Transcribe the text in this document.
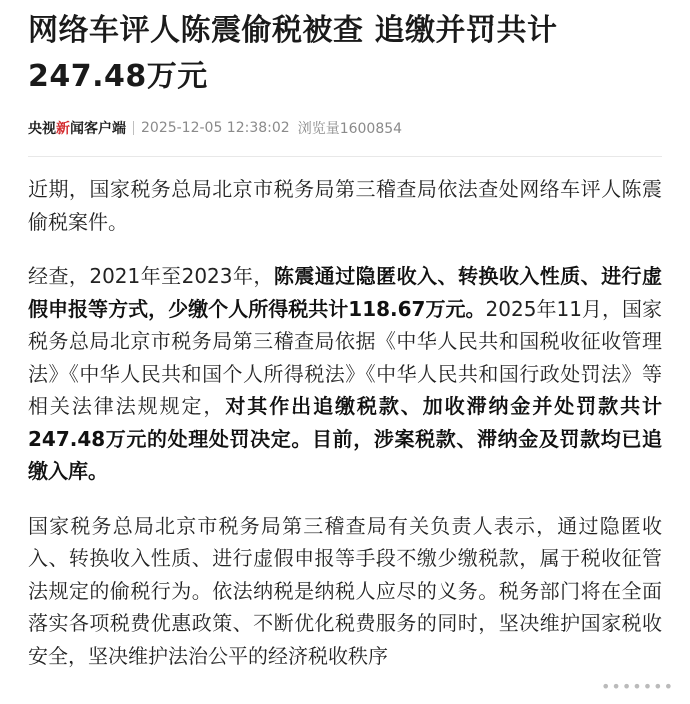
网络车评人陈震偷税被查 追缴并罚共计247.48万元
央视新闻客户端 2025-12-05 12:38:02 浏览量1600854

近期，国家税务总局北京市税务局第三稽查局依法查处网络车评人陈震偷税案件。

经查，2021年至2023年，陈震通过隐匿收入、转换收入性质、进行虚假申报等方式，少缴个人所得税共计118.67万元。2025年11月，国家税务总局北京市税务局第三稽查局依据《中华人民共和国税收征收管理法》《中华人民共和国个人所得税法》《中华人民共和国行政处罚法》等相关法律法规规定，对其作出追缴税款、加收滞纳金并处罚款共计247.48万元的处理处罚决定。目前，涉案税款、滞纳金及罚款均已追缴入库。

国家税务总局北京市税务局第三稽查局有关负责人表示，通过隐匿收入、转换收入性质、进行虚假申报等手段不缴少缴税款，属于税收征管法规定的偷税行为。依法纳税是纳税人应尽的义务。税务部门将在全面落实各项税费优惠政策、不断优化税费服务的同时，坚决维护国家税收安全，坚决维护法治公平的经济税收秩序

•••••••
